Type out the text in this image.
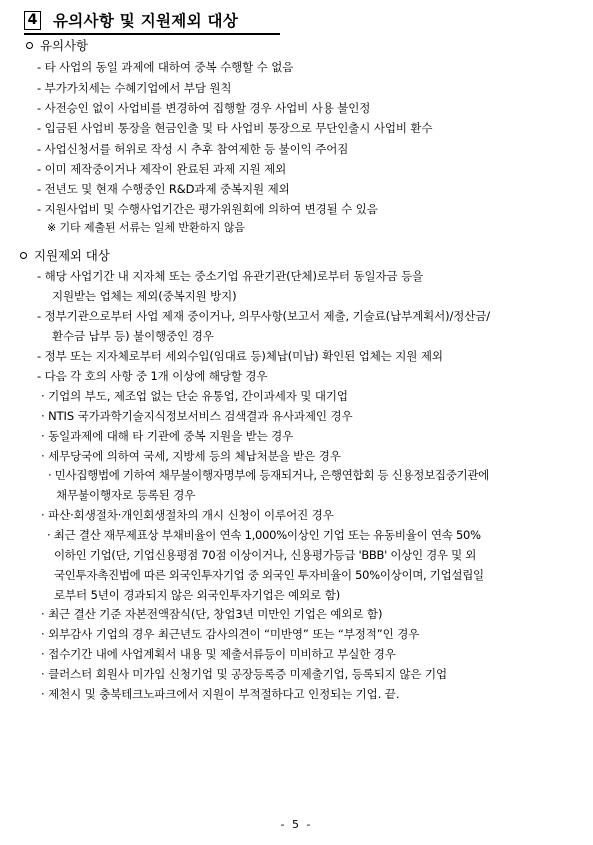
4 유의사항 및 지원제외 대상
유의사항
- 타 사업의 동일 과제에 대하여 중복 수행할 수 없음
- 부가가치세는 수혜기업에서 부담 원칙
- 사전승인 없이 사업비를 변경하여 집행할 경우 사업비 사용 불인정
- 입금된 사업비 통장을 현금인출 및 타 사업비 통장으로 무단인출시 사업비 환수
- 사업신청서를 허위로 작성 시 추후 참여제한 등 불이익 주어짐
- 이미 제작중이거나 제작이 완료된 과제 지원 제외
- 전년도 및 현재 수행중인 R&D과제 중복지원 제외
- 지원사업비 및 수행사업기간은 평가위원회에 의하여 변경될 수 있음
※ 기타 제출된 서류는 일체 반환하지 않음
지원제외 대상
- 해당 사업기간 내 지자체 또는 중소기업 유관기관(단체)로부터 동일자금 등을
지원받는 업체는 제외(중복지원 방지)
- 정부기관으로부터 사업 제재 중이거나, 의무사항(보고서 제출, 기술료(납부계획서)/정산금/
환수금 납부 등) 불이행중인 경우
- 정부 또는 지자체로부터 세외수입(임대료 등)체납(미납) 확인된 업체는 지원 제외
- 다음 각 호의 사항 중 1개 이상에 해당할 경우
· 기업의 부도, 제조업 없는 단순 유통업, 간이과세자 및 대기업
· NTIS 국가과학기술지식정보서비스 검색결과 유사과제인 경우
· 동일과제에 대해 타 기관에 중복 지원을 받는 경우
· 세무당국에 의하여 국세, 지방세 등의 체납처분을 받은 경우
· 민사집행법에 기하여 채무불이행자명부에 등재되거나, 은행연합회 등 신용정보집중기관에
채무불이행자로 등록된 경우
· 파산·회생절차·개인회생절차의 개시 신청이 이루어진 경우
· 최근 결산 재무제표상 부채비율이 연속 1,000%이상인 기업 또는 유동비율이 연속 50%
이하인 기업(단, 기업신용평점 70점 이상이거나, 신용평가등급 'BBB' 이상인 경우 및 외
국인투자촉진법에 따른 외국인투자기업 중 외국인 투자비율이 50%이상이며, 기업설립일
로부터 5년이 경과되지 않은 외국인투자기업은 예외로 함)
· 최근 결산 기준 자본전액잠식(단, 창업3년 미만인 기업은 예외로 함)
· 외부감사 기업의 경우 최근년도 감사의견이 “미반영” 또는 “부정적”인 경우
· 접수기간 내에 사업계획서 내용 및 제출서류등이 미비하고 부실한 경우
· 클러스터 회원사 미가입 신청기업 및 공장등록증 미제출기업, 등록되지 않은 기업
· 제천시 및 충북테크노파크에서 지원이 부적절하다고 인정되는 기업. 끝.
- 5 -
